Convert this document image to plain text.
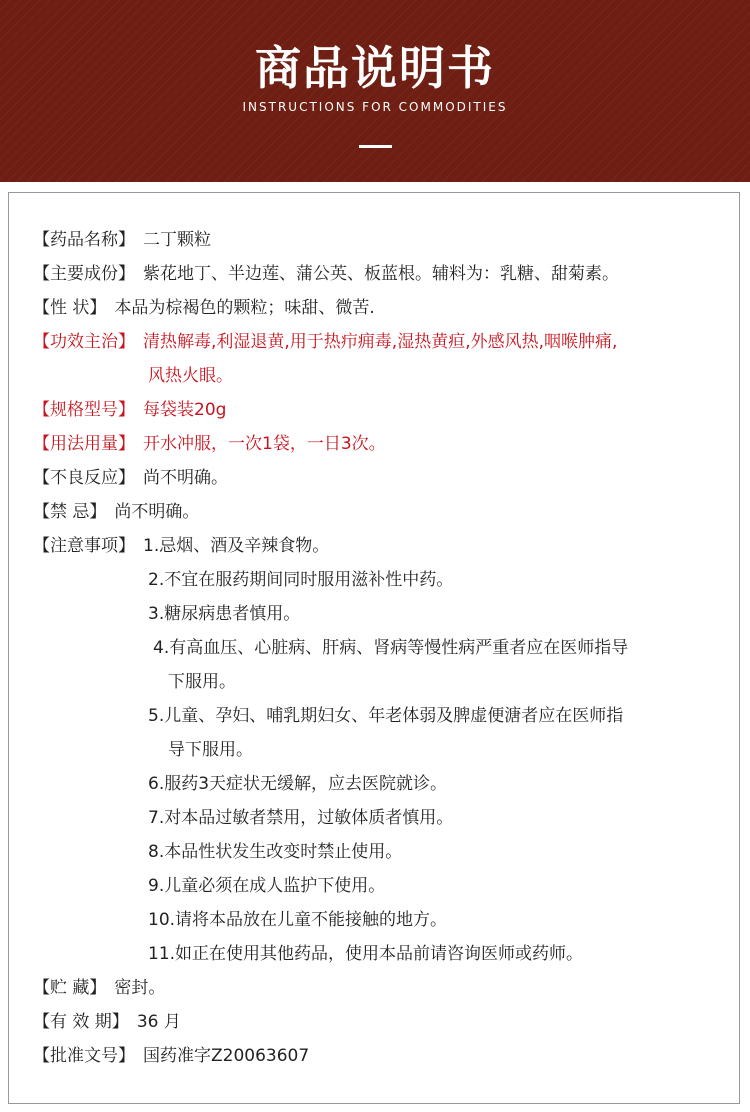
商品说明书
INSTRUCTIONS FOR COMMODITIES
【药品名称】 二丁颗粒
【主要成份】 紫花地丁、半边莲、蒲公英、板蓝根。辅料为：乳糖、甜菊素。
【性 状】 本品为棕褐色的颗粒；味甜、微苦.
【功效主治】 清热解毒,利湿退黄,用于热疖痈毒,湿热黄疸,外感风热,咽喉肿痛,
风热火眼。
【规格型号】 每袋装20g
【用法用量】 开水冲服，一次1袋，一日3次。
【不良反应】 尚不明确。
【禁 忌】 尚不明确。
【注意事项】 1.忌烟、酒及辛辣食物。
2.不宜在服药期间同时服用滋补性中药。
3.糖尿病患者慎用。
4.有高血压、心脏病、肝病、肾病等慢性病严重者应在医师指导
下服用。
5.儿童、孕妇、哺乳期妇女、年老体弱及脾虚便溏者应在医师指
导下服用。
6.服药3天症状无缓解，应去医院就诊。
7.对本品过敏者禁用，过敏体质者慎用。
8.本品性状发生改变时禁止使用。
9.儿童必须在成人监护下使用。
10.请将本品放在儿童不能接触的地方。
11.如正在使用其他药品，使用本品前请咨询医师或药师。
【贮 藏】 密封。
【有 效 期】 36 月
【批准文号】 国药准字Z20063607
